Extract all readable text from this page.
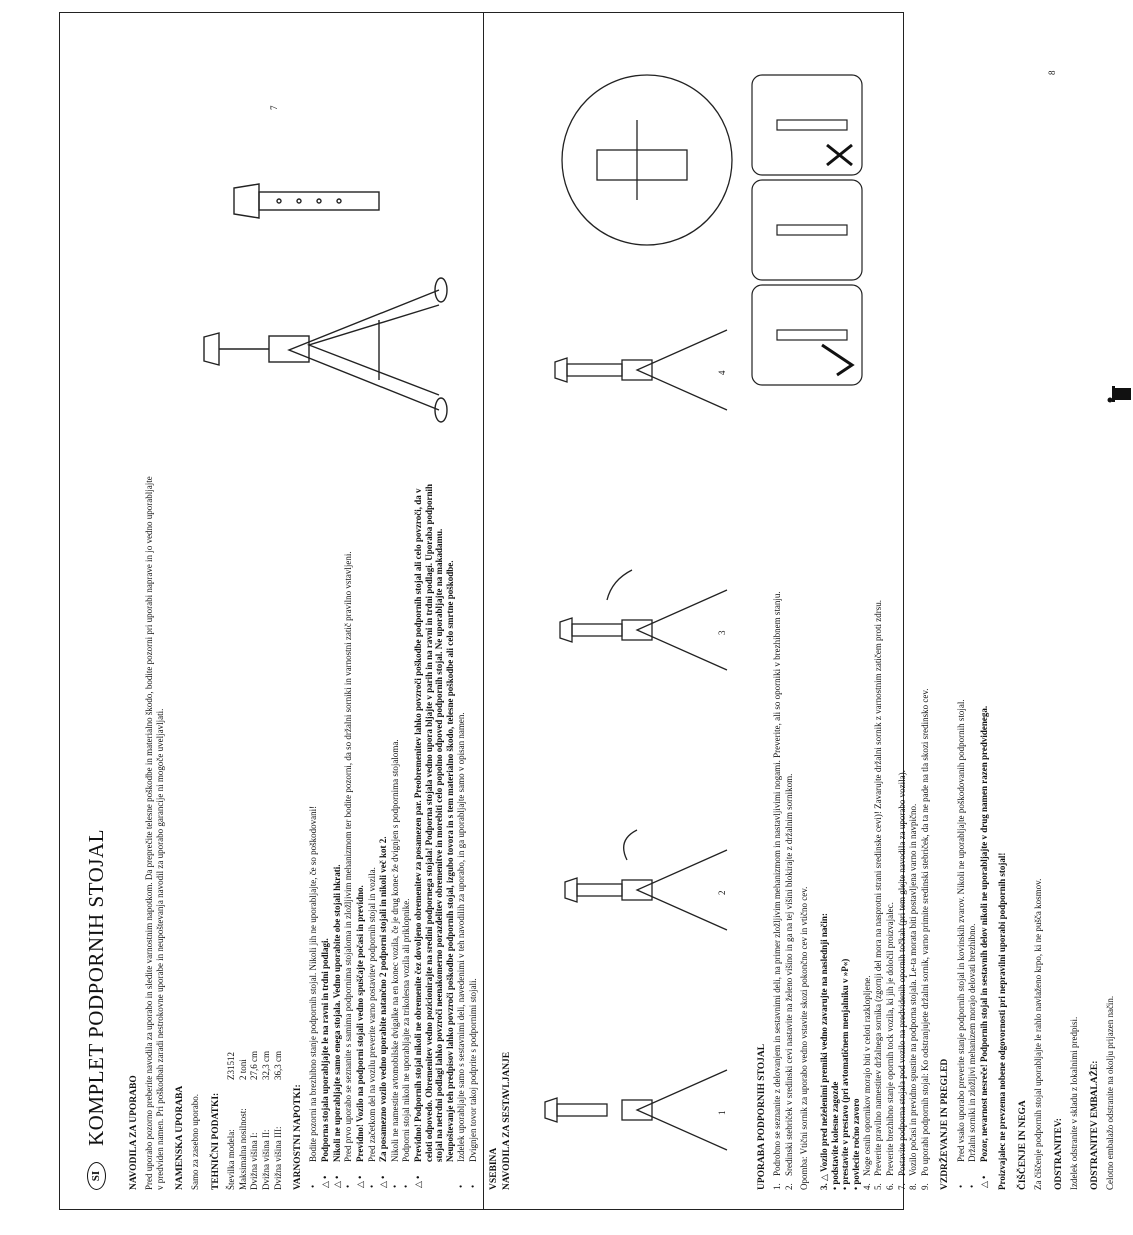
SI
KOMPLET PODPORNIH STOJAL NAVODILA ZA UPORABO Pred uporabo pozorno preberite navodila za uporabo in sledite varnostnim napotkom. Da preprečite telesne poškodbe in materialno škodo, bodite pozorni pri uporabi naprave in jo vedno uporabljajte v predviden namen. Pri poškodbah zaradi nestrokovne uporabe in neupoštevanja navodil za uporabo garancije ni mogoče uveljavljati. NAMENSKA UPORABA Samo za zasebno uporabo. TEHNIČNI PODATKI: Številka modela:
Z31512
Maksimalna nosilnost:
2 toni
Dvižna višina I:
27,6 cm
Dvižna višina II:
32,3 cm
Dvižna višina III:
36,3 cm
VARNOSTNI NAPOTKI: •
Bodite pozorni na brezhibno stanje podpornih stojal. Nikoli jih ne uporabljajte, če so poškodovani!
△ •
Podporna stojala uporabljajte le na ravni in trdni podlagi.
△ •
Nikoli ne uporabljajte samo enega stojala. Vedno uporabite obe stojali hkrati.
•
Pred prvo uporabo se seznanite s samima podpornima stojaloma in zložljivim mehanizmom ter bodite pozorni, da so držalni sorniki in varnostni zatič pravilno vstavljeni.
△ •
Previdno! Vozilo na podporni stojali vedno spuščajte počasi in previdno.
•
Pred začetkom del na vozilu preverite varno postavitev podpornih stojal in vozila.
△ •
Za posamezno vozilo vedno uporabite natančno 2 podporni stojali in nikoli več kot 2.
•
Nikoli ne namestite avtomobilske dvigalke na en konec vozila, če je drug konec že dvignjen s podpornima stojaloma.
•
Podporni stojal nikoli ne uporabljajte za trikolesna vozila ali priklopnike.
△ •
Previdno! Podpornih stojal nikoli ne obremenite čez dovoljeno obremenitev za posamezen par. Preobremenitev lahko povzroči poškodbe podpornih stojal ali celo povzroči, da v celoti odpovedo. Obremenitev vedno pozicionirajte na sredini podpornega stojala! Podporna stojala vedno upora bljajte v parih in na ravni in trdni podlagi. Uporaba podpornih stojal na netrdni podlagi lahko povzroči neenakomerno porazdelitev obremenitve in morebiti celo popolno odpoved podpornih stojal. Ne uporabljajte na makadamu. Neupoštevanje teh predpisov lahko povzroči poškodbe podpornih stojal, izgubo tovora in s tem materialno škodo, telesne poškodbe ali celo smrtne poškodbe.
•
Izdelek uporabljajte samo s sestavnimi deli, navedenimi v teh navodilih za uporabo, in ga uporabljajte samo v opisan namen.
•
Dvignjen tovor takoj podprite s podpornimi stojali.
VSEBINA
7
NAVODILA ZA SESTAVLJANJE	1
2
3
4
UPORABA PODPORNIH STOJAL 1.
Podrobno se seznanite z delovanjem in sestavnimi deli, na primer zložljivim mehanizmom in nastavljivimi nogami. Preverite, ali so oporniki v brezhibnem stanju.
2.
Sredinski stebriček v sredinski cevi nastavite na želeno višino in ga na tej višini blokirajte z držalnim sornikom. Opomba: Vtični sornik za uporabo vedno vstavite skozi pokončno cev in vtično cev. 3. △ Vozilo pred neželenimi premiki vedno zavarujte na naslednji način: • podstavite kolesne zagozde • prestavite v prestavo (pri avtomatičnem menjalniku v »P«) • povlecite ročno zavoro 4.
Noge osnih opornikov morajo biti v celoti razklopljene.
5.
Preverite pravilno namestitev držalnega sornika (zgornji del mora na nasprotni strani sredinske cevi)! Zavarujte držalni sornik z varnostnim zatičem proti zdrsu.
6.
Preverite brezhibno stanje opornih tock vozila, ki jih je določil proizvajalec.
7.
Postavite podporna stojala pod vozilo na predvidenih opornih točkah (pri tem glejte navodila za uporabo vozila).
8.
Vozilo počasi in previdno spustite na podporna stojala. Le-ta morata biti postavljena varno in navpično.
9.
Po uporabi podpornih stojal: Ko odstranjujete držalni sornik, varno primite sredinski stebriček, da ta ne pade na tla skozi sredinsko cev. VZDRŽEVANJE IN PREGLED •
Pred vsako uporabo preverite stanje podpornih stojal in kovinskih zvarov. Nikoli ne uporabljajte poškodovanih podpornih stojal.
•
Držalni sorniki in zložljivi mehanizem morajo delovati brezhibno.
△ •
Pozor, nevarnost nesreče! Podpornih stojal in sestavnih delov nikoli ne uporabljajte v drug namen razen predvidenega. Proizvajalec ne prevzema nobene odgovornosti pri nepravilni uporabi podpornih stojal! ČIŠČENJE IN NEGA Za čiščenje podpornih stojal uporabljajte le rahlo navlaženo krpo, ki ne pušča kosmov. ODSTRANITEV: Izdelek odstranite v skladu z lokalnimi predpisi. ODSTRANITEV EMBALAŽE: Celotno embalažo odstranite na okolju prijazen način.

8
